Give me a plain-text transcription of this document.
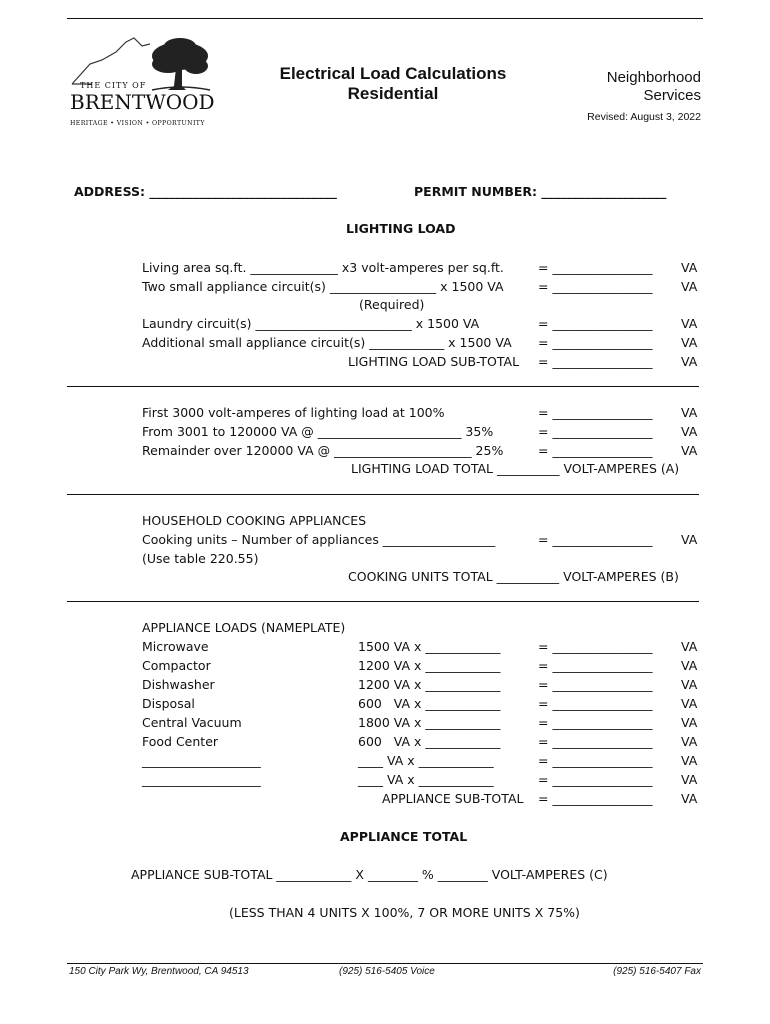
THE CITY OF
BRENTWOOD
HERITAGE • VISION • OPPORTUNITY
Electrical Load Calculations
Residential
Neighborhood
Services
Revised: August 3, 2022
ADDRESS: ______________________________	PERMIT NUMBER: ____________________
LIGHTING LOAD
Living area sq.ft. ______________ x3 volt-amperes per sq.ft.	= ________________ VA
Two small appliance circuit(s) _________________ x 1500 VA	= ________________ VA
(Required)
Laundry circuit(s) _________________________ x 1500 VA	= ________________ VA
Additional small appliance circuit(s) ____________ x 1500 VA = ________________ VA
LIGHTING LOAD SUB-TOTAL = ________________ VA
First 3000 volt-amperes of lighting load at 100%	= ________________ VA
From 3001 to 120000 VA @ _______________________ 35%	= ________________ VA
Remainder over 120000 VA @ ______________________ 25%	= ________________ VA
LIGHTING LOAD TOTAL __________ VOLT-AMPERES (A)
HOUSEHOLD COOKING APPLIANCES
Cooking units – Number of appliances __________________	= ________________ VA
(Use table 220.55)
COOKING UNITS TOTAL __________ VOLT-AMPERES (B)
APPLIANCE LOADS (NAMEPLATE)
Microwave	1500 VA x ____________	= ________________ VA
Compactor	1200 VA x ____________	= ________________ VA
Dishwasher	1200 VA x ____________	= ________________ VA
Disposal	600   VA x ____________	= ________________ VA
Central Vacuum	1800 VA x ____________	= ________________ VA
Food Center	600   VA x ____________	= ________________ VA
___________________	____ VA x ____________	= ________________ VA
___________________	____ VA x ____________	= ________________ VA
APPLIANCE SUB-TOTAL = ________________ VA
APPLIANCE TOTAL
APPLIANCE SUB-TOTAL ____________ X ________ % ________ VOLT-AMPERES (C)
(LESS THAN 4 UNITS X 100%, 7 OR MORE UNITS X 75%)
150 City Park Wy, Brentwood, CA 94513	(925) 516-5405 Voice	(925) 516-5407 Fax
